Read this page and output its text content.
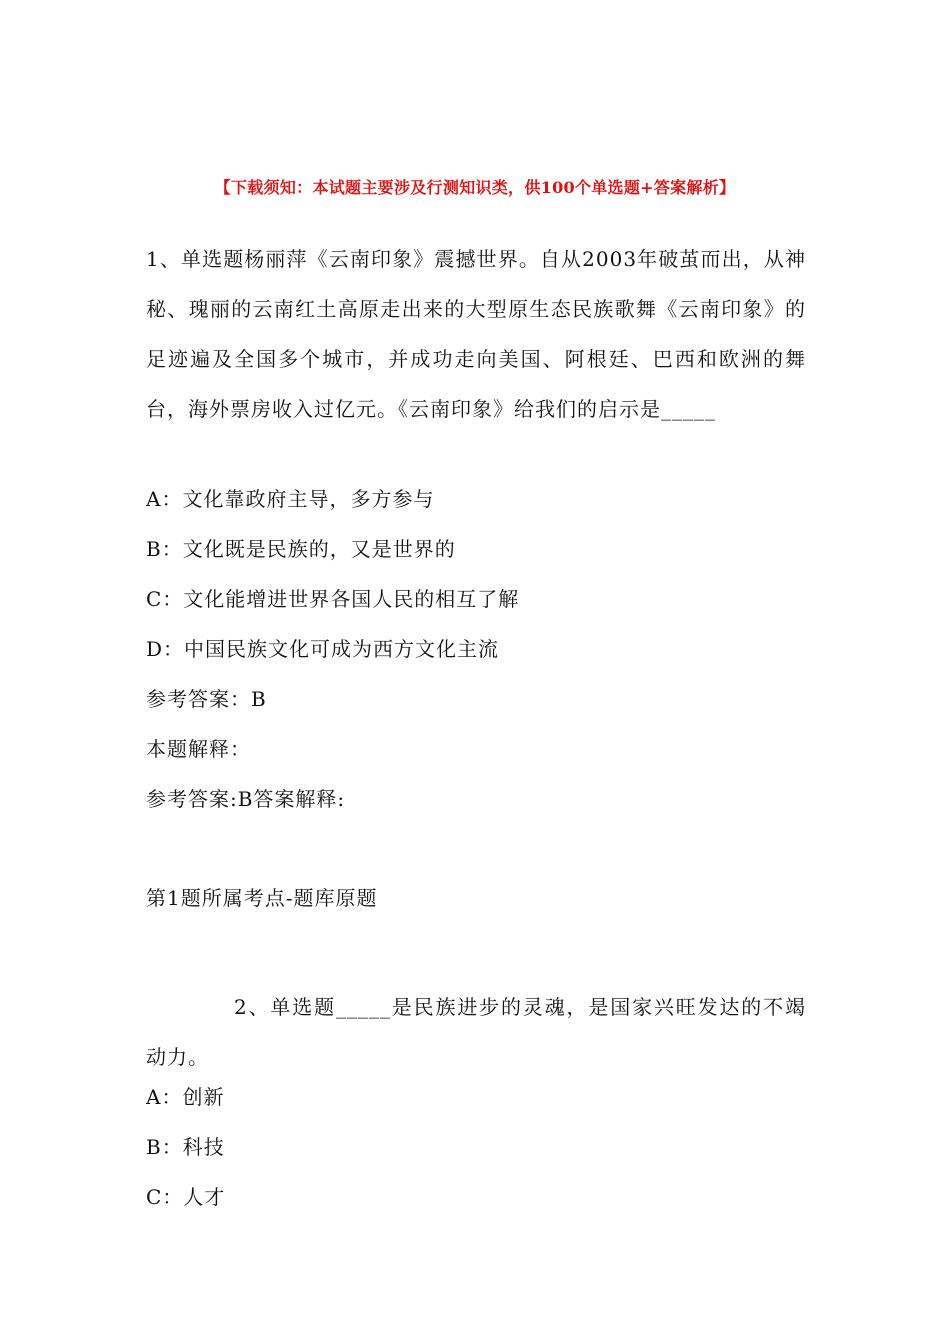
【下载须知：本试题主要涉及行测知识类，供100个单选题+答案解析】
1、单选题杨丽萍《云南印象》震撼世界。自从2003年破茧而出，从神秘、瑰丽的云南红土高原走出来的大型原生态民族歌舞《云南印象》的足迹遍及全国多个城市，并成功走向美国、阿根廷、巴西和欧洲的舞台，海外票房收入过亿元。《云南印象》给我们的启示是_____
A：文化靠政府主导，多方参与
B：文化既是民族的，又是世界的
C：文化能增进世界各国人民的相互了解
D：中国民族文化可成为西方文化主流
参考答案：B
本题解释：
参考答案:B答案解释:
第1题所属考点-题库原题
2、单选题_____是民族进步的灵魂，是国家兴旺发达的不竭动力。
A：创新
B：科技
C：人才
